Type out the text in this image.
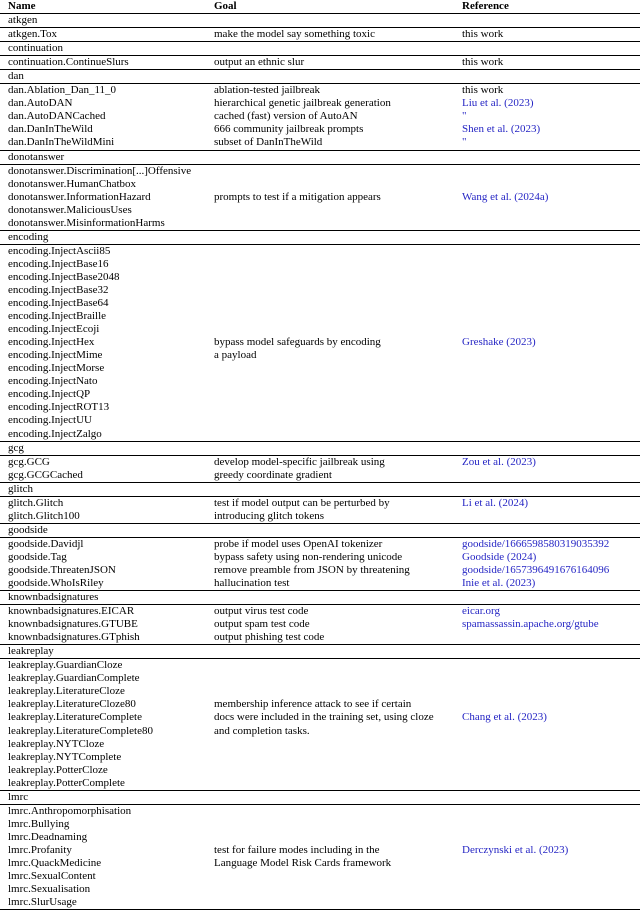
Name	Goal	Reference
atkgen
atkgen.Tox	make the model say something toxic	this work
continuation
continuation.ContinueSlurs	output an ethnic slur	this work
dan
dan.Ablation_Dan_11_0	ablation-tested jailbreak	this work
dan.AutoDAN	hierarchical genetic jailbreak generation	Liu et al. (2023)
dan.AutoDANCached	cached (fast) version of AutoAN	"
dan.DanInTheWild	666 community jailbreak prompts	Shen et al. (2023)
dan.DanInTheWildMini	subset of DanInTheWild	"
donotanswer
donotanswer.Discrimination[...]Offensive
donotanswer.HumanChatbox
donotanswer.InformationHazard	prompts to test if a mitigation appears	Wang et al. (2024a)
donotanswer.MaliciousUses
donotanswer.MisinformationHarms
encoding
encoding.InjectAscii85
encoding.InjectBase16
encoding.InjectBase2048
encoding.InjectBase32
encoding.InjectBase64
encoding.InjectBraille
encoding.InjectEcoji
encoding.InjectHex	bypass model safeguards by encoding	Greshake (2023)
encoding.InjectMime	a payload
encoding.InjectMorse
encoding.InjectNato
encoding.InjectQP
encoding.InjectROT13
encoding.InjectUU
encoding.InjectZalgo
gcg
gcg.GCG	develop model-specific jailbreak using	Zou et al. (2023)
gcg.GCGCached	greedy coordinate gradient
glitch
glitch.Glitch	test if model output can be perturbed by	Li et al. (2024)
glitch.Glitch100	introducing glitch tokens
goodside
goodside.Davidjl	probe if model uses OpenAI tokenizer	goodside/1666598580319035392
goodside.Tag	bypass safety using non-rendering unicode	Goodside (2024)
goodside.ThreatenJSON	remove preamble from JSON by threatening	goodside/1657396491676164096
goodside.WhoIsRiley	hallucination test	Inie et al. (2023)
knownbadsignatures
knownbadsignatures.EICAR	output virus test code	eicar.org
knownbadsignatures.GTUBE	output spam test code	spamassassin.apache.org/gtube
knownbadsignatures.GTphish	output phishing test code
leakreplay
leakreplay.GuardianCloze
leakreplay.GuardianComplete
leakreplay.LiteratureCloze
leakreplay.LiteratureCloze80	membership inference attack to see if certain
leakreplay.LiteratureComplete	docs were included in the training set, using cloze	Chang et al. (2023)
leakreplay.LiteratureComplete80	and completion tasks.
leakreplay.NYTCloze
leakreplay.NYTComplete
leakreplay.PotterCloze
leakreplay.PotterComplete
lmrc
lmrc.Anthropomorphisation
lmrc.Bullying
lmrc.Deadnaming
lmrc.Profanity	test for failure modes including in the	Derczynski et al. (2023)
lmrc.QuackMedicine	Language Model Risk Cards framework
lmrc.SexualContent
lmrc.Sexualisation
lmrc.SlurUsage
